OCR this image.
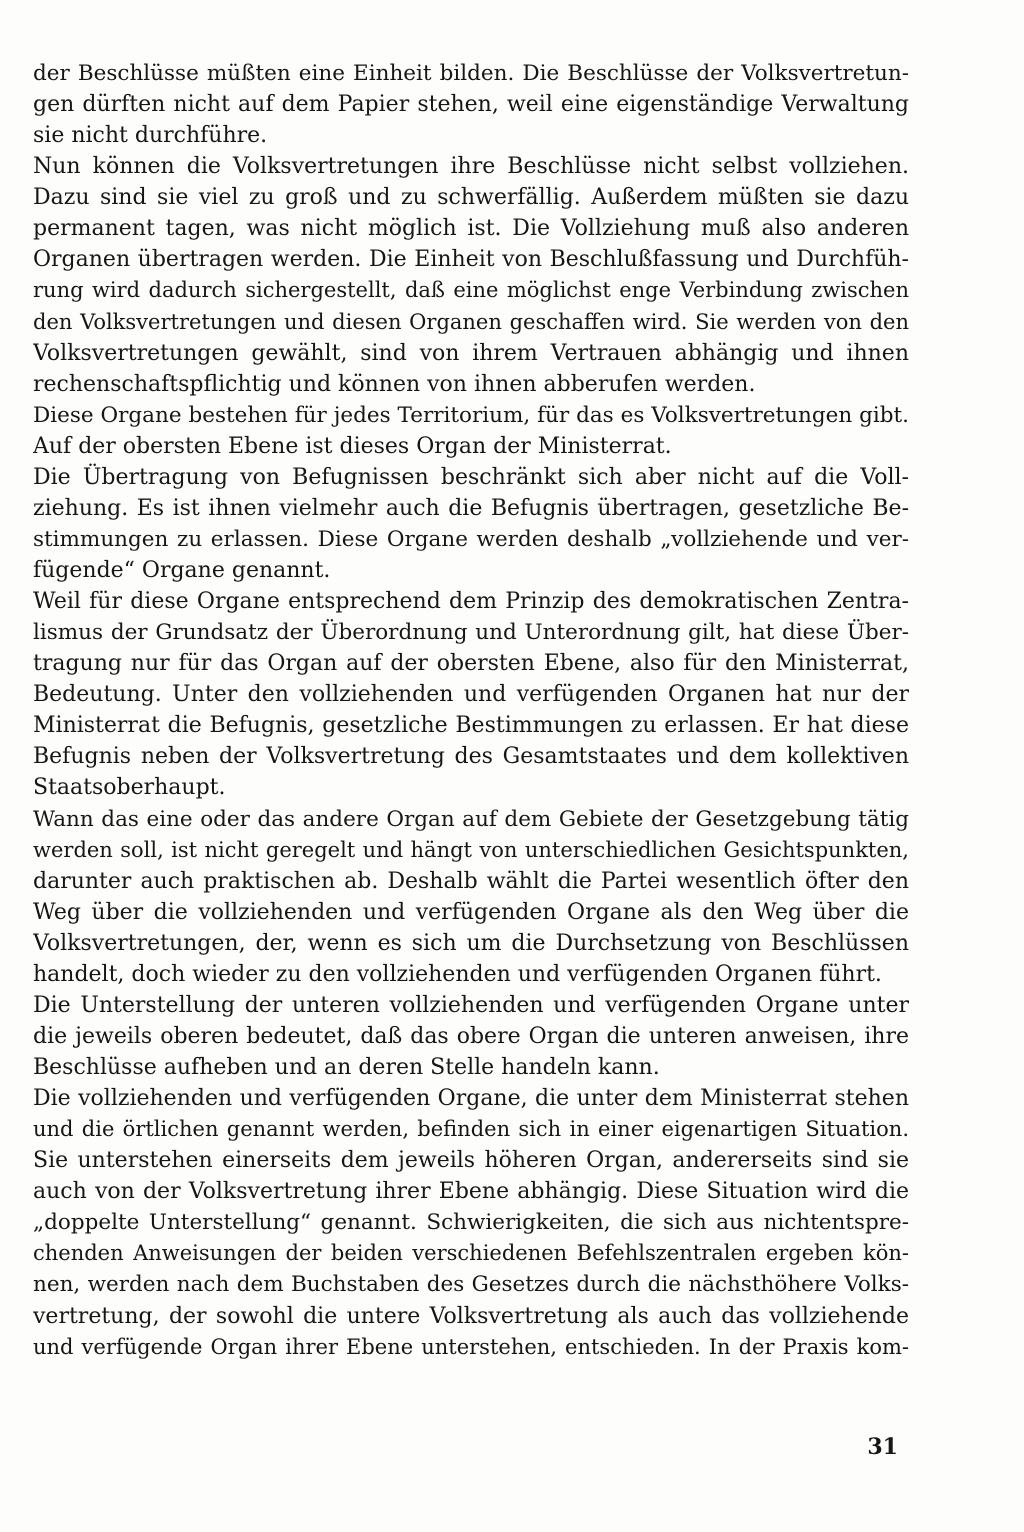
der Beschlüsse müßten eine Einheit bilden. Die Beschlüsse der Volksvertretun-
gen dürften nicht auf dem Papier stehen, weil eine eigenständige Verwaltung
sie nicht durchführe.
Nun können die Volksvertretungen ihre Beschlüsse nicht selbst vollziehen.
Dazu sind sie viel zu groß und zu schwerfällig. Außerdem müßten sie dazu
permanent tagen, was nicht möglich ist. Die Vollziehung muß also anderen
Organen übertragen werden. Die Einheit von Beschlußfassung und Durchfüh-
rung wird dadurch sichergestellt, daß eine möglichst enge Verbindung zwischen
den Volksvertretungen und diesen Organen geschaffen wird. Sie werden von den
Volksvertretungen gewählt, sind von ihrem Vertrauen abhängig und ihnen
rechenschaftspflichtig und können von ihnen abberufen werden.
Diese Organe bestehen für jedes Territorium, für das es Volksvertretungen gibt.
Auf der obersten Ebene ist dieses Organ der Ministerrat.
Die Übertragung von Befugnissen beschränkt sich aber nicht auf die Voll-
ziehung. Es ist ihnen vielmehr auch die Befugnis übertragen, gesetzliche Be-
stimmungen zu erlassen. Diese Organe werden deshalb „vollziehende und ver-
fügende“ Organe genannt.
Weil für diese Organe entsprechend dem Prinzip des demokratischen Zentra-
lismus der Grundsatz der Überordnung und Unterordnung gilt, hat diese Über-
tragung nur für das Organ auf der obersten Ebene, also für den Ministerrat,
Bedeutung. Unter den vollziehenden und verfügenden Organen hat nur der
Ministerrat die Befugnis, gesetzliche Bestimmungen zu erlassen. Er hat diese
Befugnis neben der Volksvertretung des Gesamtstaates und dem kollektiven
Staatsoberhaupt.
Wann das eine oder das andere Organ auf dem Gebiete der Gesetzgebung tätig
werden soll, ist nicht geregelt und hängt von unterschiedlichen Gesichtspunkten,
darunter auch praktischen ab. Deshalb wählt die Partei wesentlich öfter den
Weg über die vollziehenden und verfügenden Organe als den Weg über die
Volksvertretungen, der, wenn es sich um die Durchsetzung von Beschlüssen
handelt, doch wieder zu den vollziehenden und verfügenden Organen führt.
Die Unterstellung der unteren vollziehenden und verfügenden Organe unter
die jeweils oberen bedeutet, daß das obere Organ die unteren anweisen, ihre
Beschlüsse aufheben und an deren Stelle handeln kann.
Die vollziehenden und verfügenden Organe, die unter dem Ministerrat stehen
und die örtlichen genannt werden, befinden sich in einer eigenartigen Situation.
Sie unterstehen einerseits dem jeweils höheren Organ, andererseits sind sie
auch von der Volksvertretung ihrer Ebene abhängig. Diese Situation wird die
„doppelte Unterstellung“ genannt. Schwierigkeiten, die sich aus nichtentspre-
chenden Anweisungen der beiden verschiedenen Befehlszentralen ergeben kön-
nen, werden nach dem Buchstaben des Gesetzes durch die nächsthöhere Volks-
vertretung, der sowohl die untere Volksvertretung als auch das vollziehende
und verfügende Organ ihrer Ebene unterstehen, entschieden. In der Praxis kom-
31
